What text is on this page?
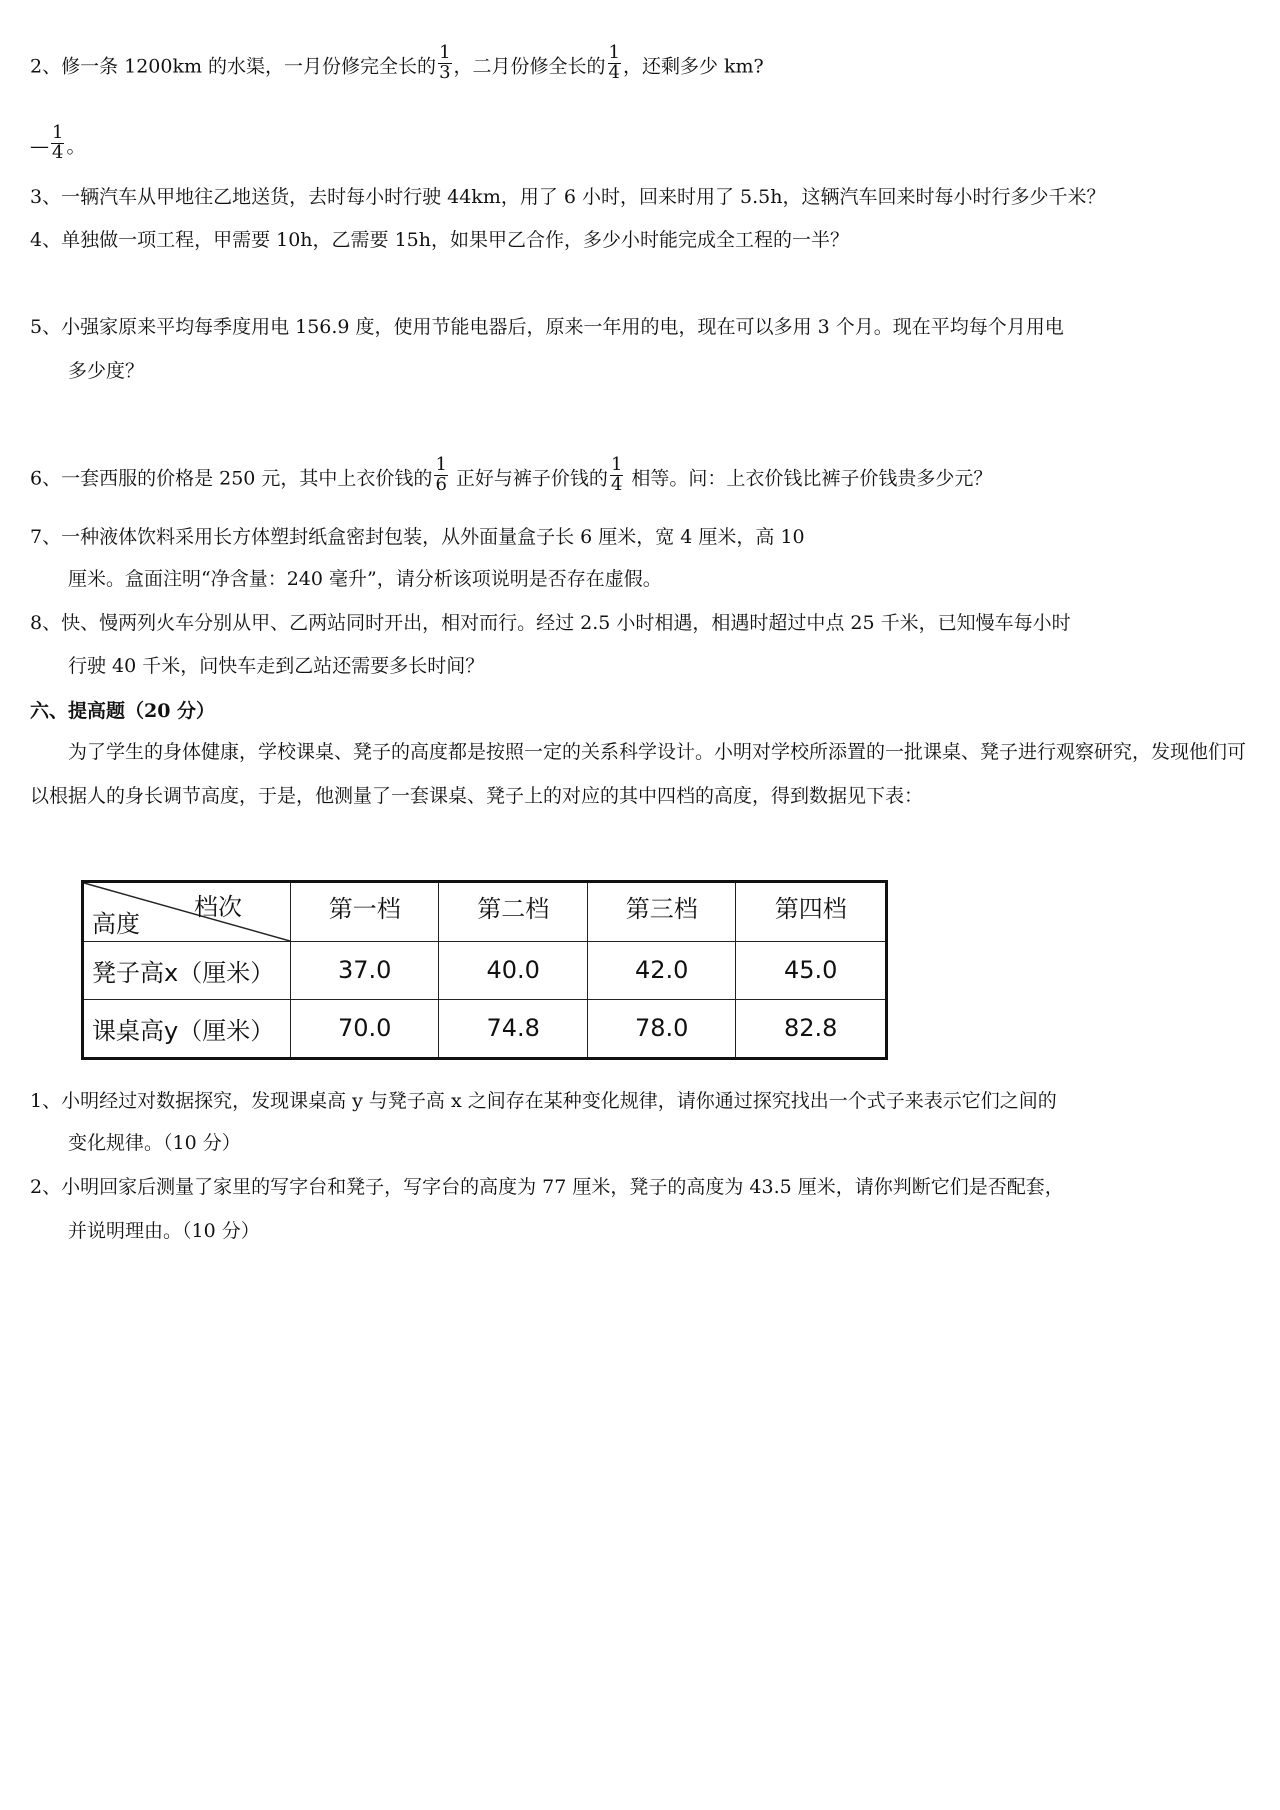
2、修一条 1200km 的水渠，一月份修完全长的 $\frac{1}{3}$ ，二月份修全长的 $\frac{1}{4}$ ，还剩多少 km?
— $\frac{1}{4}$ 。
3、一辆汽车从甲地往乙地送货，去时每小时行驶 44km，用了 6 小时，回来时用了 5.5h，这辆汽车回来时每小时行多少千米？
4、单独做一项工程，甲需要 10h，乙需要 15h，如果甲乙合作，多少小时能完成全工程的一半？
5、小强家原来平均每季度用电 156.9 度，使用节能电器后，原来一年用的电，现在可以多用 3 个月。现在平均每个月用电
多少度？
6、一套西服的价格是 250 元，其中上衣价钱的 $\frac{1}{6}$ 正好与裤子价钱的 $\frac{1}{4}$ 相等。问：上衣价钱比裤子价钱贵多少元？
7、一种液体饮料采用长方体塑封纸盒密封包装，从外面量盒子长 6 厘米，宽 4 厘米，高 10
厘米。盒面注明“净含量：240 毫升”，请分析该项说明是否存在虚假。
8、快、慢两列火车分别从甲、乙两站同时开出，相对而行。经过 2.5 小时相遇，相遇时超过中点 25 千米，已知慢车每小时
行驶 40 千米，问快车走到乙站还需要多长时间？
六、提高题（20 分）
为了学生的身体健康，学校课桌、凳子的高度都是按照一定的关系科学设计。小明对学校所添置的一批课桌、凳子进行观察研究，发现他们可以根据人的身长调节高度，于是，他测量了一套课桌、凳子上的对应的其中四档的高度，得到数据见下表：
档次
高度	第一档	第二档	第三档	第四档
凳子高x（厘米）	37.0	40.0	42.0	45.0
课桌高y（厘米）	70.0	74.8	78.0	82.8
1、小明经过对数据探究，发现课桌高 y 与凳子高 x 之间存在某种变化规律，请你通过探究找出一个式子来表示它们之间的
变化规律。（10 分）
2、小明回家后测量了家里的写字台和凳子，写字台的高度为 77 厘米，凳子的高度为 43.5 厘米，请你判断它们是否配套，
并说明理由。（10 分）
